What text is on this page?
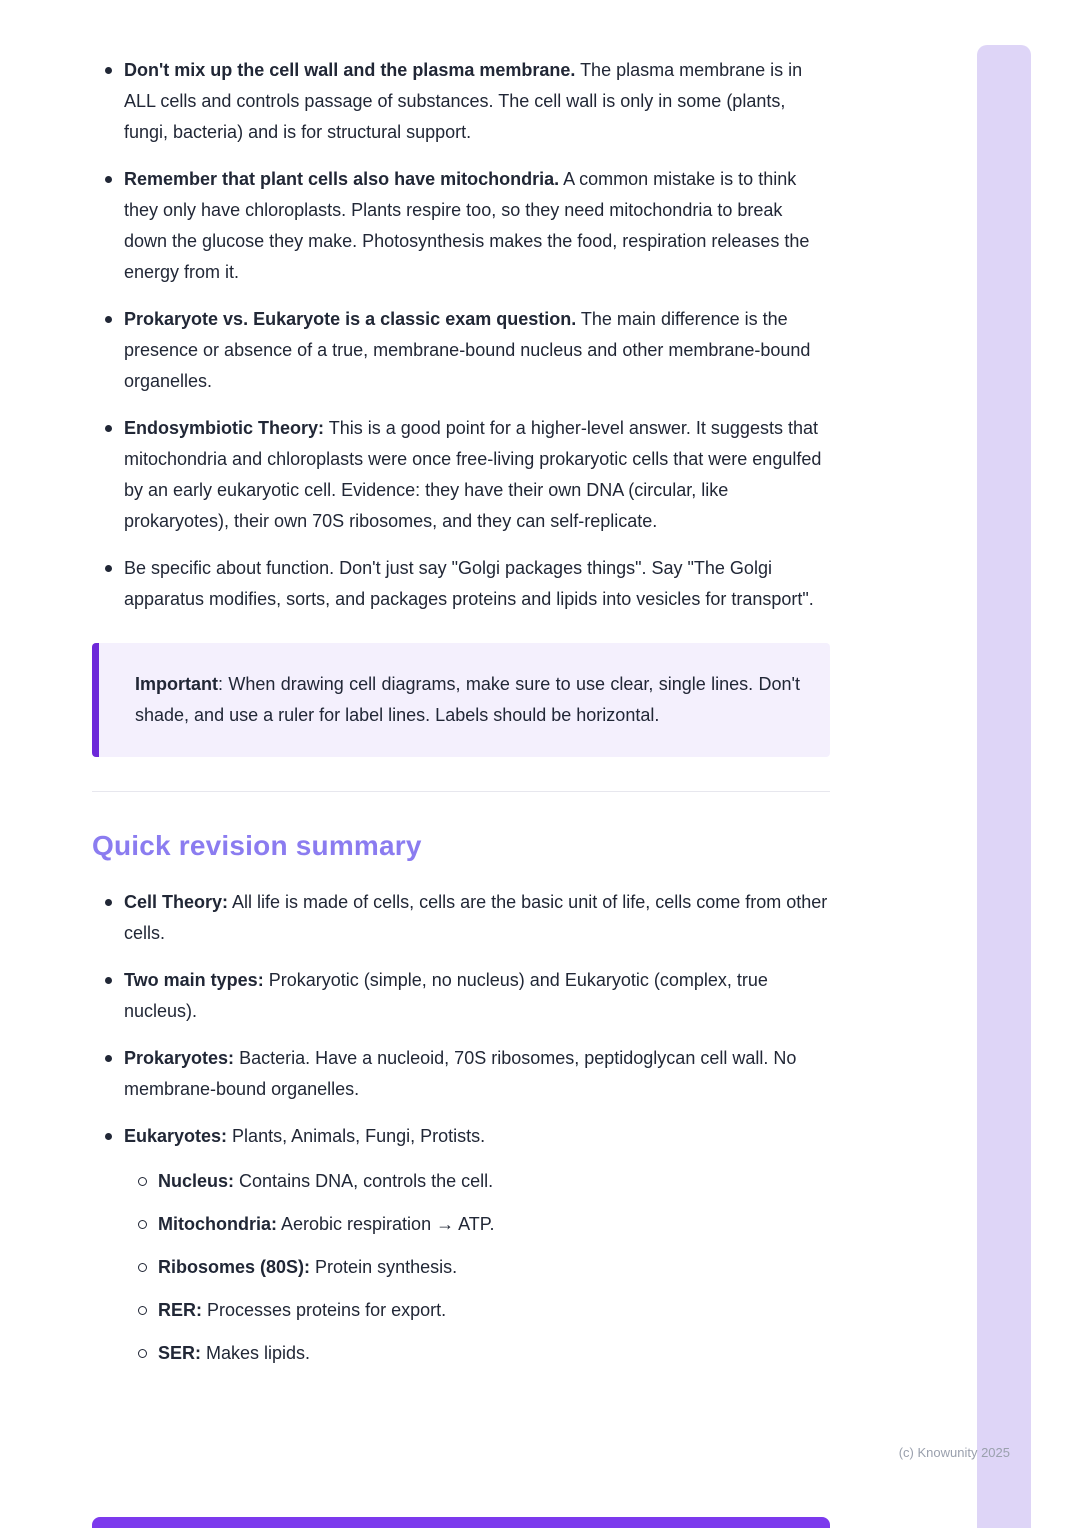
Don't mix up the cell wall and the plasma membrane. The plasma membrane is in ALL cells and controls passage of substances. The cell wall is only in some (plants, fungi, bacteria) and is for structural support.
Remember that plant cells also have mitochondria. A common mistake is to think they only have chloroplasts. Plants respire too, so they need mitochondria to break down the glucose they make. Photosynthesis makes the food, respiration releases the energy from it.
Prokaryote vs. Eukaryote is a classic exam question. The main difference is the presence or absence of a true, membrane-bound nucleus and other membrane-bound organelles.
Endosymbiotic Theory: This is a good point for a higher-level answer. It suggests that mitochondria and chloroplasts were once free-living prokaryotic cells that were engulfed by an early eukaryotic cell. Evidence: they have their own DNA (circular, like prokaryotes), their own 70S ribosomes, and they can self-replicate.
Be specific about function. Don't just say "Golgi packages things". Say "The Golgi apparatus modifies, sorts, and packages proteins and lipids into vesicles for transport".

Important: When drawing cell diagrams, make sure to use clear, single lines. Don't shade, and use a ruler for label lines. Labels should be horizontal.

Quick revision summary
Cell Theory: All life is made of cells, cells are the basic unit of life, cells come from other cells.
Two main types: Prokaryotic (simple, no nucleus) and Eukaryotic (complex, true nucleus).
Prokaryotes: Bacteria. Have a nucleoid, 70S ribosomes, peptidoglycan cell wall. No membrane-bound organelles.
Eukaryotes: Plants, Animals, Fungi, Protists.
Nucleus: Contains DNA, controls the cell.
Mitochondria: Aerobic respiration → ATP.
Ribosomes (80S): Protein synthesis.
RER: Processes proteins for export.
SER: Makes lipids.
(c) Knowunity 2025
